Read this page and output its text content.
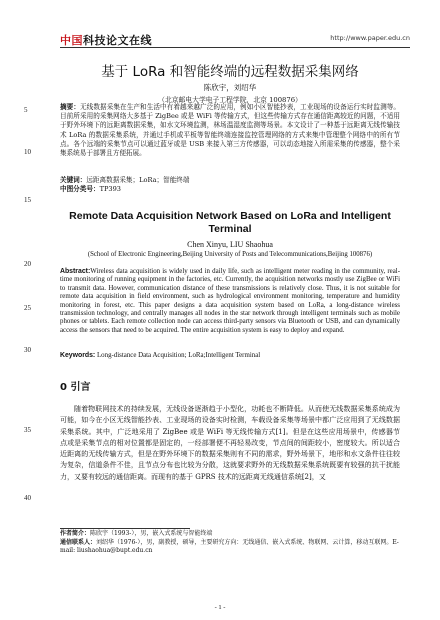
中国科技论文在线	http://www.paper.edu.cn
5
10
15
20
25
30
35
40
基于 LoRa 和智能终端的远程数据采集网络
陈欣宇，刘绍华
（北京邮电大学电子工程学院，北京 100876）
摘要：无线数据采集在生产和生活中有着越来越广泛的应用，例如小区智能抄表，工业现场的设备运行实时监测等。目前所采用的采集网络大多基于 ZigBee 或是 WiFi 等传输方式，但这些传输方式存在通信距离较近的问题，不适用于野外环境下的远距离数据采集，如水文环境监测，林场温湿度监测等场景。本文设计了一种基于远距离无线传输技术 LoRa 的数据采集系统，并通过手机或平板等智能终端连接监控管理网络的方式来集中管理整个网络中的所有节点。各个远端的采集节点可以通过蓝牙或是 USB 来接入第三方传感器，可以动态地接入所需采集的传感器，整个采集系统易于部署且方便拓展。
关键词：远距离数据采集；LoRa；智能终端
中图分类号：TP393
Remote Data Acquisition Network Based on LoRa and Intelligent Terminal
Chen Xinyu, LIU Shaohua
(School of Electronic Engineering,Beijing University of Posts and Telecommunications,Beijing 100876)
Abstract:Wireless data acquisition is widely used in daily life, such as intelligent meter reading in the community, real-time monitoring of running equipment in the factories, etc. Currently, the acquisition networks mostly use ZigBee or WiFi to transmit data. However, communication distance of these transmissions is relatively close. Thus, it is not suitable for remote data acquisition in field environment, such as hydrological environment monitoring, temperature and humidity monitoring in forest, etc. This paper designs a data acquisition system based on LoRa, a long-distance wireless transmission technology, and centrally manages all nodes in the star network through intelligent terminals such as mobile phones or tablets. Each remote collection node can access third-party sensors via Bluetooth or USB, and can dynamically access the sensors that need to be acquired. The entire acquisition system is easy to deploy and expand.
Keywords: Long-distance Data Acquisition; LoRa;Intelligent Terminal
0 引言

随着物联网技术的持续发展，无线设备逐渐趋于小型化，功耗也不断降低。从而使无线数据采集系统成为可能，如今在小区无线智能抄表、工业现场的设备实时检测，车载设备采集等场景中都广泛应用到了无线数据采集系统。其中，广泛地采用了 ZigBee 或是 WiFi 等无线传输方式[1]。但是在这些应用场景中，传感器节点或是采集节点的相对位置都是固定的，一经部署便不再轻易改变，节点间的间距较小，密度较大。所以适合近距离的无线传输方式，但是在野外环境下的数据采集则有不同的需求，野外场景下，地形和水文条件往往较为复杂，信道条件不佳，且节点分布也比较为分散，这就要求野外的无线数据采集系统既要有较强的抗干扰能力，又要有较远的通信距离。而现有的基于 GPRS 技术的远距离无线通信系统[2]，又

作者简介：陈欣宇（1993-），男，嵌入式系统与智能终端
通信联系人：刘绍华（1976-），男，副教授，硕导，主要研究方向：无线通信、嵌入式系统、物联网、云计算，移动互联网。E-mail: liushaohua@bupt.edu.cn
- 1 -
